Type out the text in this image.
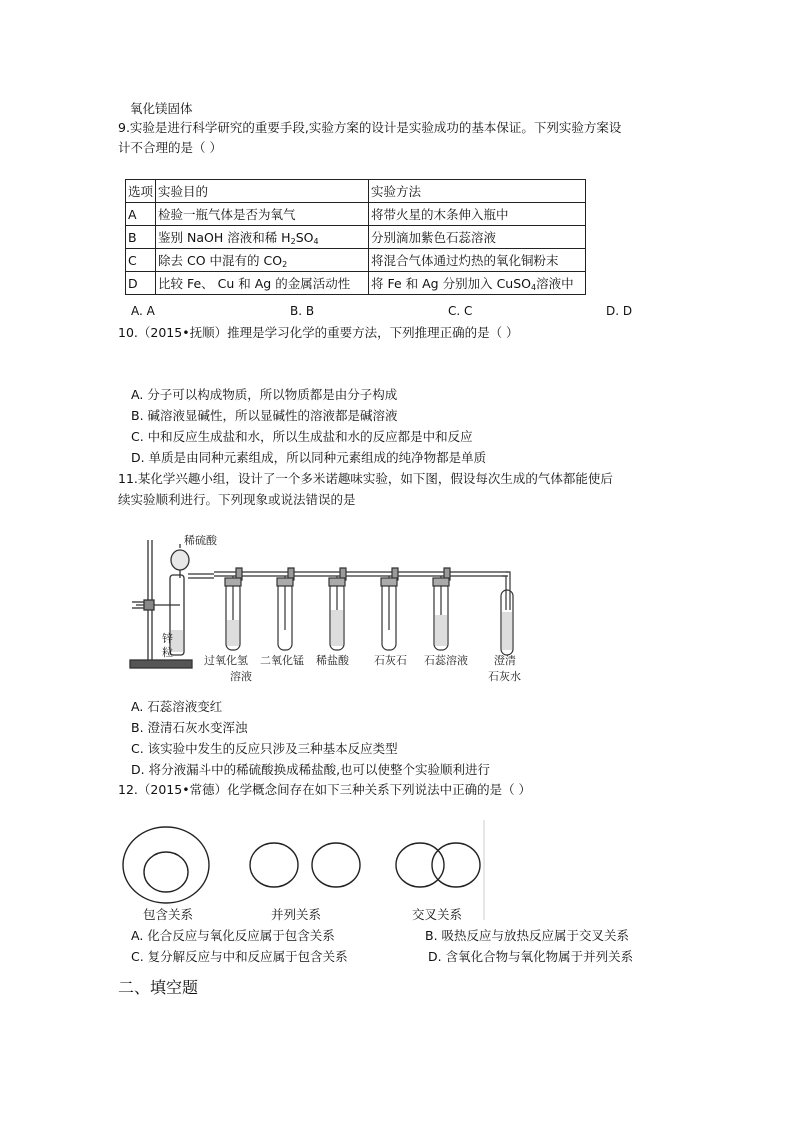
氧化镁固体
9.实验是进行科学研究的重要手段,实验方案的设计是实验成功的基本保证。下列实验方案设
计不合理的是（ ）
选项	实验目的	实验方法
A	检验一瓶气体是否为氧气	将带火星的木条伸入瓶中
B	鉴别 NaOH 溶液和稀 $H_2SO_4$	分别滴加紫色石蕊溶液
C	除去 CO 中混有的 $CO_2$	将混合气体通过灼热的氧化铜粉末
D	比较 Fe、 Cu 和 Ag 的金属活动性	将 Fe 和 Ag 分别加入 CuSO$_4$溶液中
A. A	B. B	C. C	D. D
10.（2015•抚顺）推理是学习化学的重要方法，下列推理正确的是（ ）
A. 分子可以构成物质，所以物质都是由分子构成
B. 碱溶液显碱性，所以显碱性的溶液都是碱溶液
C. 中和反应生成盐和水，所以生成盐和水的反应都是中和反应
D. 单质是由同种元素组成，所以同种元素组成的纯净物都是单质
11.某化学兴趣小组，设计了一个多米诺趣味实验，如下图，假设每次生成的气体都能使后
续实验顺利进行。下列现象或说法错误的是
稀硫酸
锌
粒
过氧化氢
溶液
二氧化锰 稀盐酸 石灰石 石蕊溶液 澄清
石灰水
A. 石蕊溶液变红
B. 澄清石灰水变浑浊
C. 该实验中发生的反应只涉及三种基本反应类型
D. 将分液漏斗中的稀硫酸换成稀盐酸,也可以使整个实验顺利进行
12.（2015•常德）化学概念间存在如下三种关系下列说法中正确的是（ ）
包含关系	并列关系	交叉关系
A. 化合反应与氧化反应属于包含关系	B. 吸热反应与放热反应属于交叉关系
C. 复分解反应与中和反应属于包含关系	D. 含氧化合物与氧化物属于并列关系
二、填空题
